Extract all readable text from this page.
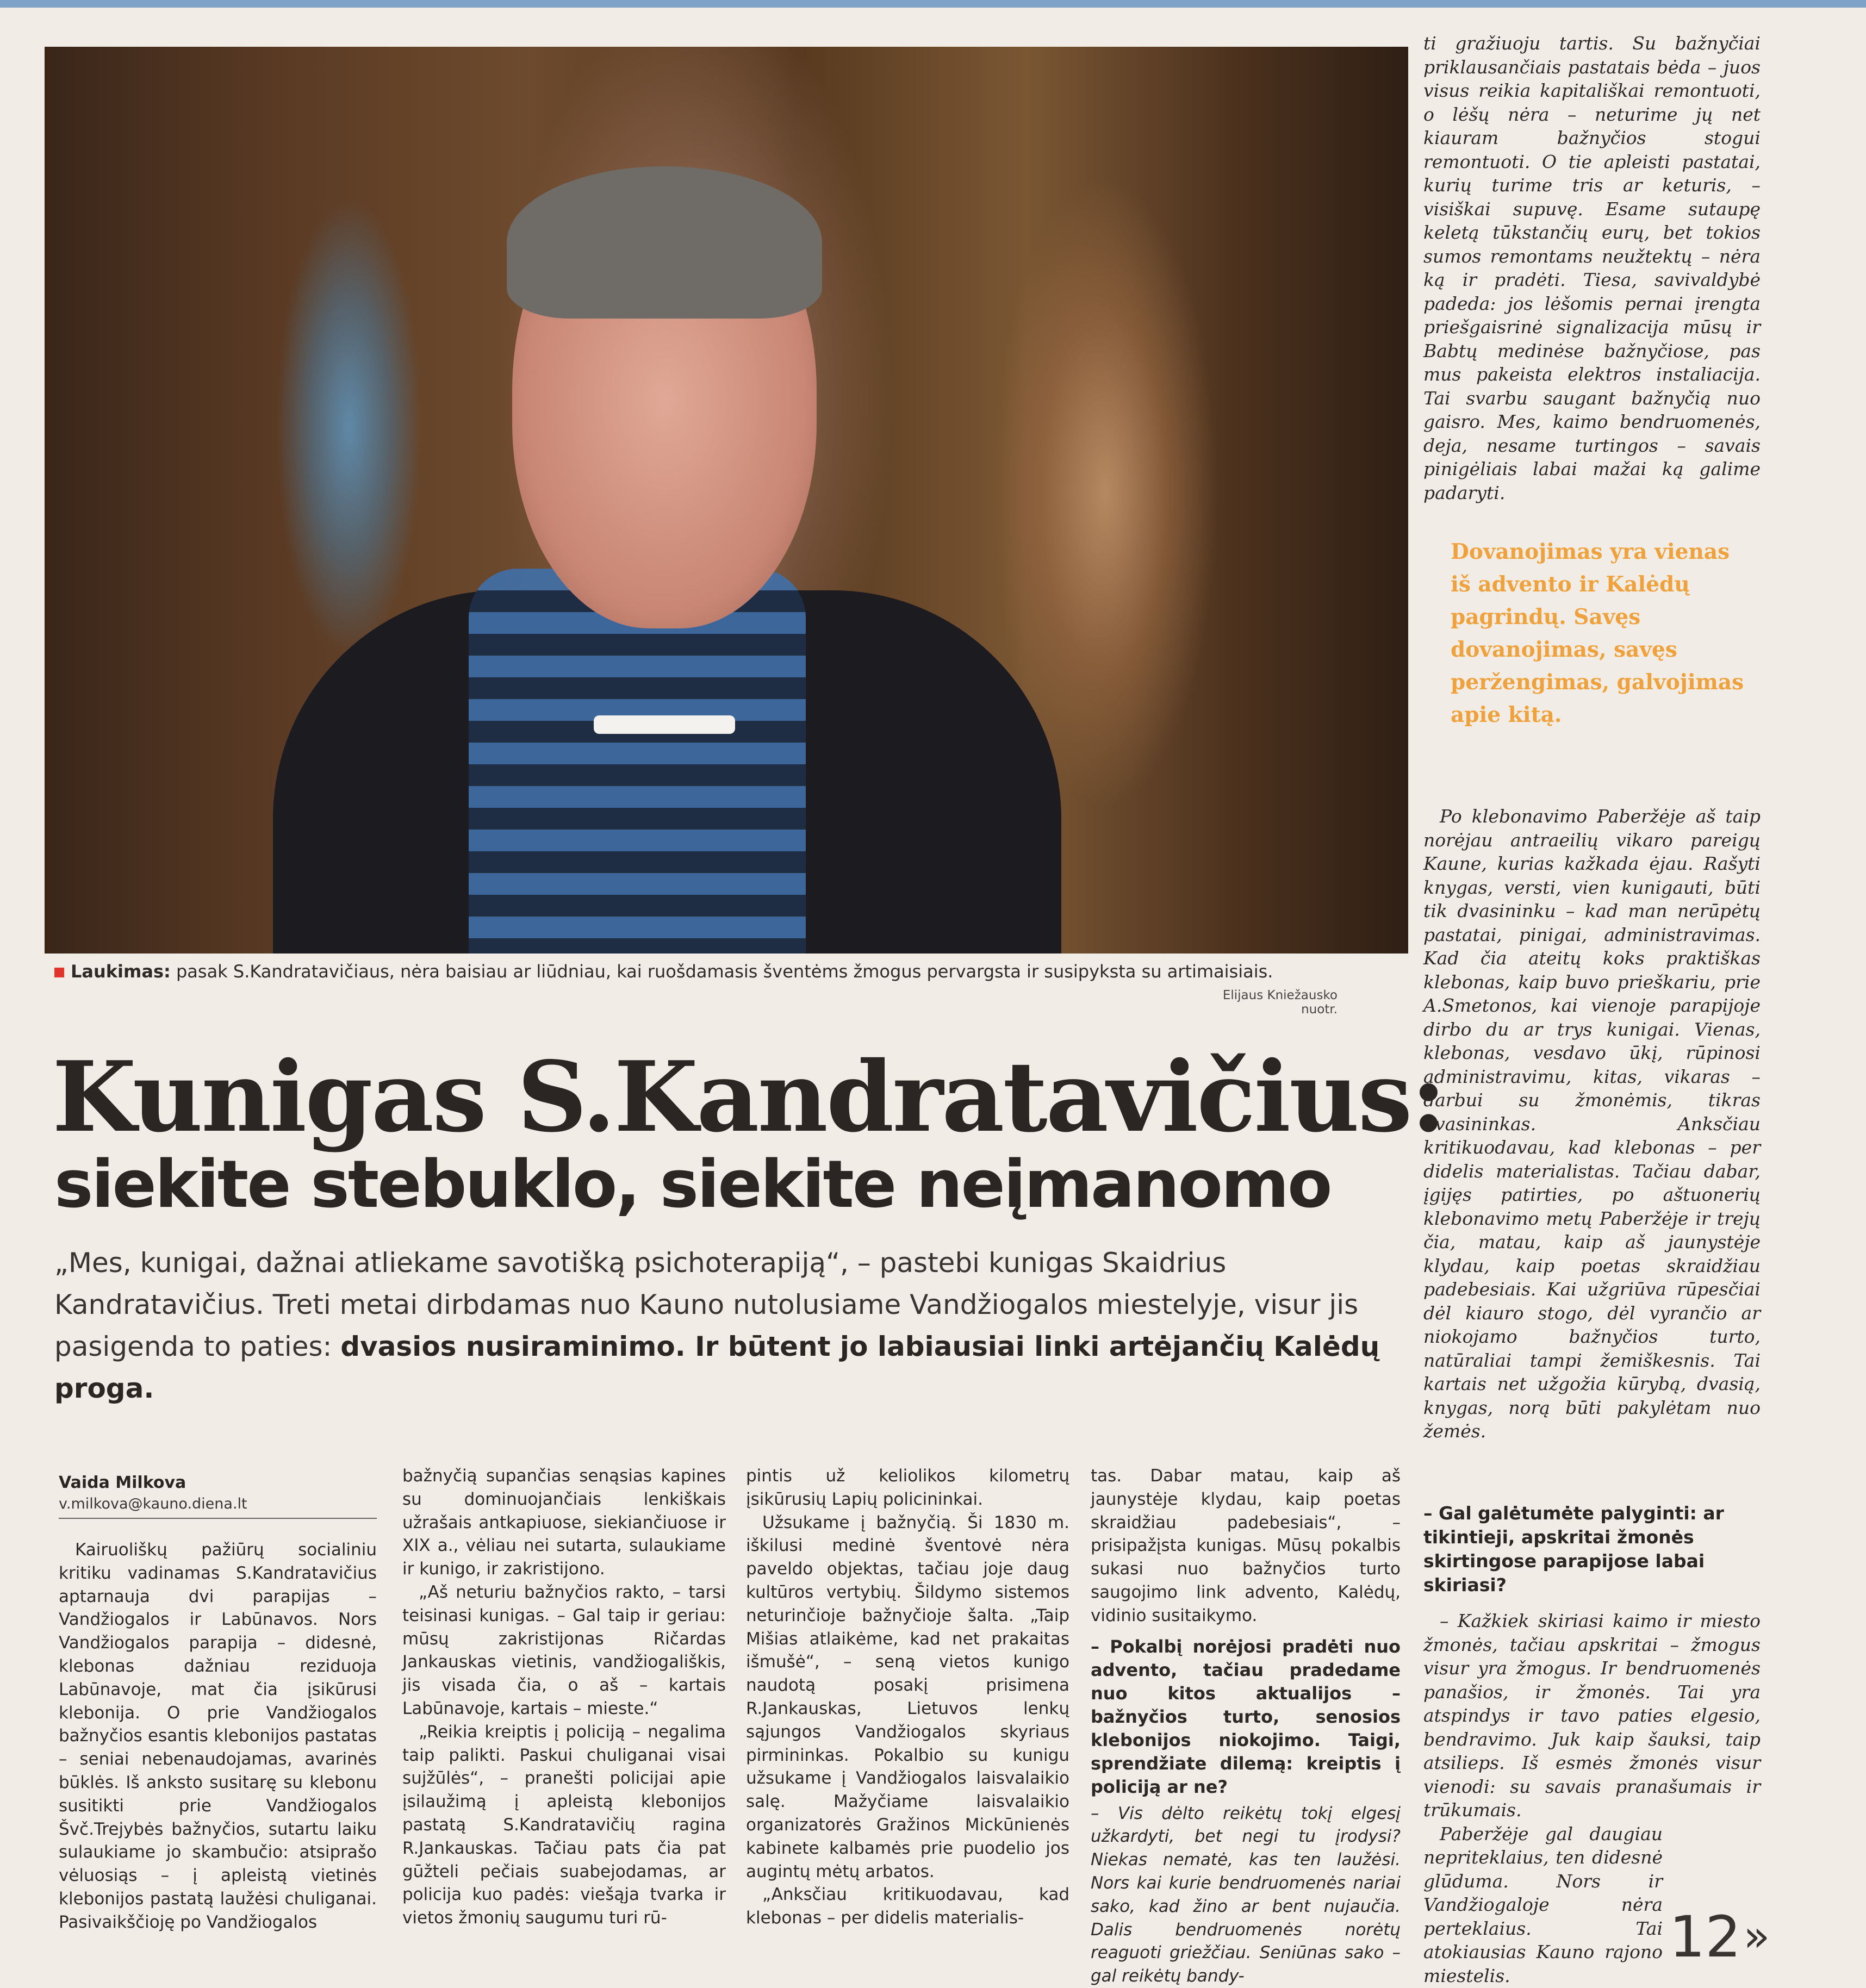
Laukimas: pasak S.Kandratavičiaus, nėra baisiau ar liūdniau, kai ruošdamasis šventėms žmogus pervargsta ir susipyksta su artimaisiais.
Elijaus Kniežausko nuotr.
Kunigas S.Kandratavičius:
siekite stebuklo, siekite neįmanomo

„Mes, kunigai, dažnai atliekame savotišką psichoterapiją“, – pastebi kunigas Skaidrius Kandratavičius. Treti metai dirbdamas nuo Kauno nutolusiame Vandžiogalos miestelyje, visur jis pasigenda to paties: dvasios nusiraminimo. Ir būtent jo labiausiai linki artėjančių Kalėdų proga.

Vaida Milkova
v.milkova@kauno.diena.lt

Kairuoliškų pažiūrų socialiniu kritiku vadinamas S.Kandratavičius aptarnauja dvi parapijas – Vandžiogalos ir Labūnavos. Nors Vandžiogalos parapija – didesnė, klebonas dažniau reziduoja Labūnavoje, mat čia įsikūrusi klebonija. O prie Vandžiogalos bažnyčios esantis klebonijos pastatas – seniai nebenaudojamas, avarinės būklės. Iš anksto susitarę su klebonu susitikti prie Vandžiogalos Švč.Trejybės bažnyčios, sutartu laiku sulaukiame jo skambučio: atsiprašo vėluosiąs – į apleistą vietinės klebonijos pastatą laužėsi chuliganai. Pasivaikščioję po Vandžiogalos

bažnyčią supančias senąsias kapines su dominuojančiais lenkiškais užrašais antkapiuose, siekiančiuose ir XIX a., vėliau nei sutarta, sulaukiame ir kunigo, ir zakristijono.

„Aš neturiu bažnyčios rakto, – tarsi teisinasi kunigas. – Gal taip ir geriau: mūsų zakristijonas Ričardas Jankauskas vietinis, vandžiogališkis, jis visada čia, o aš – kartais Labūnavoje, kartais – mieste.“

„Reikia kreiptis į policiją – negalima taip palikti. Paskui chuliganai visai sujžūlės“, – pranešti policijai apie įsilaužimą į apleistą klebonijos pastatą S.Kandratavičių ragina R.Jankauskas. Tačiau pats čia pat gūžteli pečiais suabejodamas, ar policija kuo padės: viešąja tvarka ir vietos žmonių saugumu turi rū-

pintis už keliolikos kilometrų įsikūrusių Lapių policininkai.

Užsukame į bažnyčią. Ši 1830 m. iškilusi medinė šventovė nėra paveldo objektas, tačiau joje daug kultūros vertybių. Šildymo sistemos neturinčioje bažnyčioje šalta. „Taip Mišias atlaikėme, kad net prakaitas išmušė“, – seną vietos kunigo naudotą posakį prisimena R.Jankauskas, Lietuvos lenkų sąjungos Vandžiogalos skyriaus pirmininkas. Pokalbio su kunigu užsukame į Vandžiogalos laisvalaikio salę. Mažyčiame laisvalaikio organizatorės Gražinos Mickūnienės kabinete kalbamės prie puodelio jos augintų mėtų arbatos.

„Anksčiau kritikuodavau, kad klebonas – per didelis materialis-

tas. Dabar matau, kaip aš jaunystėje klydau, kaip poetas skraidžiau padebesiais“, – prisipažįsta kunigas. Mūsų pokalbis sukasi nuo bažnyčios turto saugojimo link advento, Kalėdų, vidinio susitaikymo.

– Pokalbį norėjosi pradėti nuo advento, tačiau pradedame nuo kitos aktualijos – bažnyčios turto, senosios klebonijos niokojimo. Taigi, sprendžiate dilemą: kreiptis į policiją ar ne?

– Vis dėlto reikėtų tokį elgesį užkardyti, bet negi tu įrodysi? Niekas nematė, kas ten laužėsi. Nors kai kurie bendruomenės nariai sako, kad žino ar bent nujaučia. Dalis bendruomenės norėtų reaguoti griežčiau. Seniūnas sako – gal reikėtų bandy-

ti gražiuoju tartis. Su bažnyčiai priklausančiais pastatais bėda – juos visus reikia kapitališkai remontuoti, o lėšų nėra – neturime jų net kiauram bažnyčios stogui remontuoti. O tie apleisti pastatai, kurių turime tris ar keturis, – visiškai supuvę. Esame sutaupę keletą tūkstančių eurų, bet tokios sumos remontams neužtektų – nėra ką ir pradėti. Tiesa, savivaldybė padeda: jos lėšomis pernai įrengta priešgaisrinė signalizacija mūsų ir Babtų medinėse bažnyčiose, pas mus pakeista elektros instaliacija. Tai svarbu saugant bažnyčią nuo gaisro. Mes, kaimo bendruomenės, deja, nesame turtingos – savais pinigėliais labai mažai ką galime padaryti.

Dovanojimas yra vienas iš advento ir Kalėdų pagrindų. Savęs dovanojimas, savęs peržengimas, galvojimas apie kitą.

Po klebonavimo Paberžėje aš taip norėjau antraeilių vikaro pareigų Kaune, kurias kažkada ėjau. Rašyti knygas, versti, vien kunigauti, būti tik dvasininku – kad man nerūpėtų pastatai, pinigai, administravimas. Kad čia ateitų koks praktiškas klebonas, kaip buvo prieškariu, prie A.Smetonos, kai vienoje parapijoje dirbo du ar trys kunigai. Vienas, klebonas, vesdavo ūkį, rūpinosi administravimu, kitas, vikaras – darbui su žmonėmis, tikras dvasininkas. Anksčiau kritikuodavau, kad klebonas – per didelis materialistas. Tačiau dabar, įgijęs patirties, po aštuonerių klebonavimo metų Paberžėje ir trejų čia, matau, kaip aš jaunystėje klydau, kaip poetas skraidžiau padebesiais. Kai užgriūva rūpesčiai dėl kiauro stogo, dėl vyrančio ar niokojamo bažnyčios turto, natūraliai tampi žemiškesnis. Tai kartais net užgožia kūrybą, dvasią, knygas, norą būti pakylėtam nuo žemės.

– Gal galėtumėte palyginti: ar tikintieji, apskritai žmonės skirtingose parapijose labai skiriasi?

– Kažkiek skiriasi kaimo ir miesto žmonės, tačiau apskritai – žmogus visur yra žmogus. Ir bendruomenės panašios, ir žmonės. Tai yra atspindys ir tavo paties elgesio, bendravimo. Juk kaip šauksi, taip atsilieps. Iš esmės žmonės visur vienodi: su savais pranašumais ir trūkumais.

Paberžėje gal daugiau nepriteklaius, ten didesnė glūduma. Nors ir Vandžiogaloje nėra perteklaius. Tai atokiausias Kauno rajono miestelis.

12»
